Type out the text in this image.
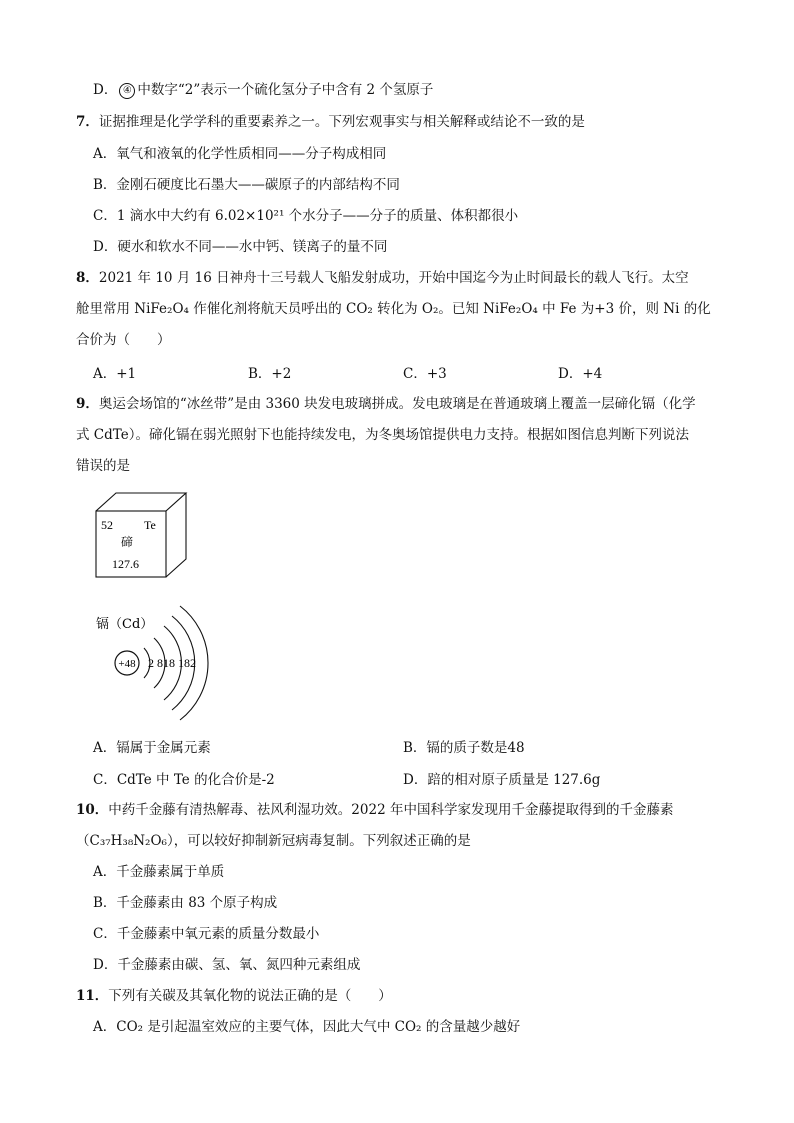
D． ④ 中数字“2”表示一个硫化氢分子中含有 2 个氢原子
7．证据推理是化学学科的重要素养之一。下列宏观事实与相关解释或结论不一致的是
A．氧气和液氧的化学性质相同——分子构成相同
B．金刚石硬度比石墨大——碳原子的内部结构不同
C．1 滴水中大约有 6.02×10²¹ 个水分子——分子的质量、体积都很小
D．硬水和软水不同——水中钙、镁离子的量不同
8．2021 年 10 月 16 日神舟十三号载人飞船发射成功，开始中国迄今为止时间最长的载人飞行。太空
舱里常用 NiFe₂O₄ 作催化剂将航天员呼出的 CO₂ 转化为 O₂。已知 NiFe₂O₄ 中 Fe 为+3 价，则 Ni 的化
合价为（　　）
A．+1	B．+2	C．+3	D．+4
9．奥运会场馆的“冰丝带”是由 3360 块发电玻璃拼成。发电玻璃是在普通玻璃上覆盖一层碲化镉（化学
式 CdTe）。碲化镉在弱光照射下也能持续发电，为冬奥场馆提供电力支持。根据如图信息判断下列说法
错误的是
52	Te
碲
127.6
镉（Cd）
+48 2 818 182
A．镉属于金属元素	B．镉的质子数是48
C．CdTe 中 Te 的化合价是-2	D．踣的相对原子质量是 127.6g
10．中药千金藤有清热解毒、祛风利湿功效。2022 年中国科学家发现用千金藤提取得到的千金藤素
（C₃₇H₃₈N₂O₆），可以较好抑制新冠病毒复制。下列叙述正确的是
A．千金藤素属于单质
B．千金藤素由 83 个原子构成
C．千金藤素中氧元素的质量分数最小
D．千金藤素由碳、氢、氧、氮四种元素组成
11．下列有关碳及其氧化物的说法正确的是（　　）
A．CO₂ 是引起温室效应的主要气体，因此大气中 CO₂ 的含量越少越好
